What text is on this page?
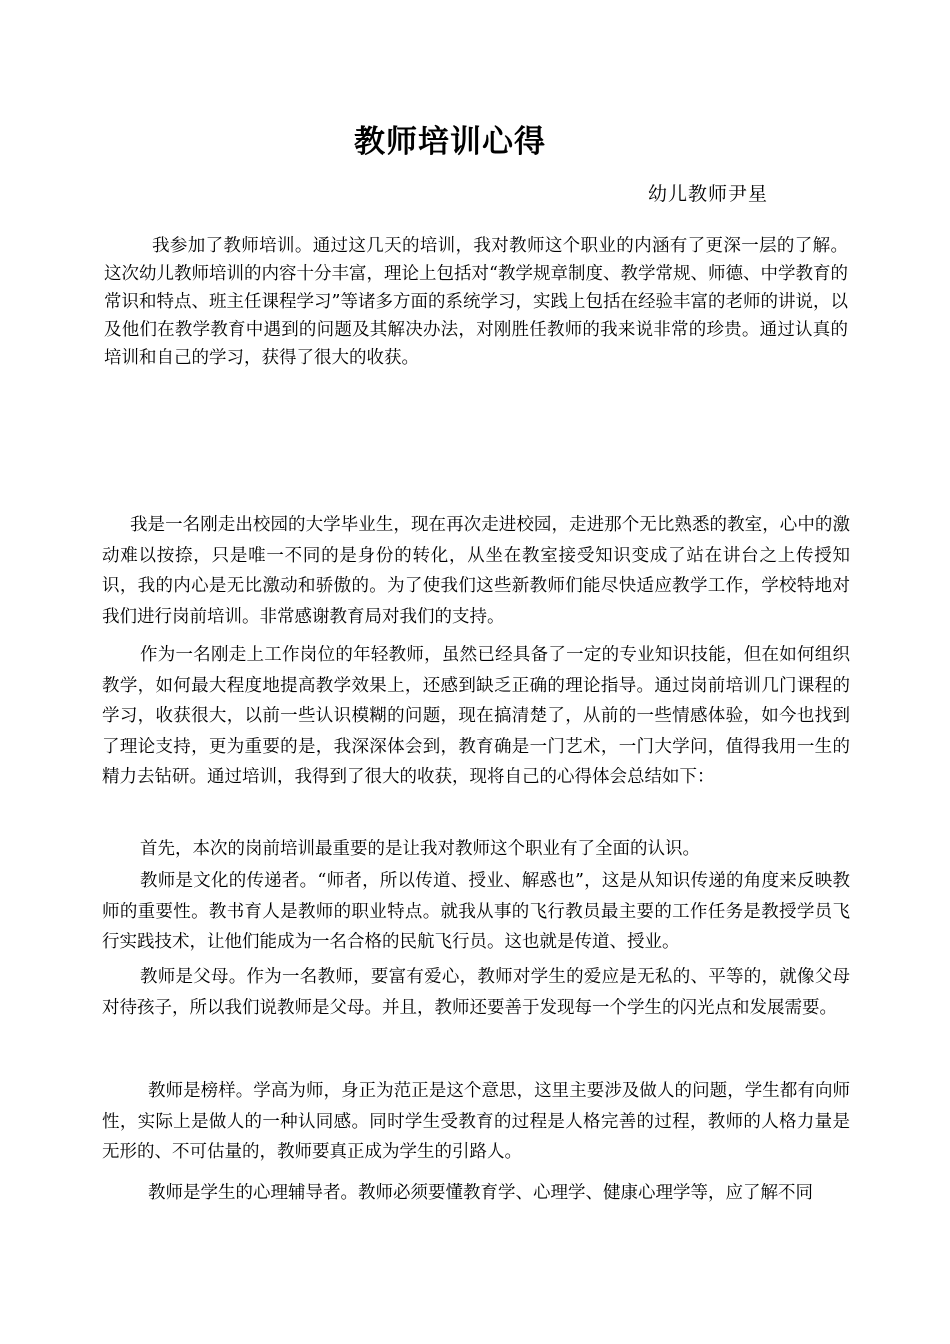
教师培训心得

幼儿教师尹星

我参加了教师培训。通过这几天的培训，我对教师这个职业的内涵有了更深一层的了解。这次幼儿教师培训的内容十分丰富，理论上包括对“教学规章制度、教学常规、师德、中学教育的常识和特点、班主任课程学习”等诸多方面的系统学习，实践上包括在经验丰富的老师的讲说，以及他们在教学教育中遇到的问题及其解决办法，对刚胜任教师的我来说非常的珍贵。通过认真的培训和自己的学习，获得了很大的收获。

我是一名刚走出校园的大学毕业生，现在再次走进校园，走进那个无比熟悉的教室，心中的激动难以按捺，只是唯一不同的是身份的转化，从坐在教室接受知识变成了站在讲台之上传授知识，我的内心是无比激动和骄傲的。为了使我们这些新教师们能尽快适应教学工作，学校特地对我们进行岗前培训。非常感谢教育局对我们的支持。

作为一名刚走上工作岗位的年轻教师，虽然已经具备了一定的专业知识技能，但在如何组织教学，如何最大程度地提高教学效果上，还感到缺乏正确的理论指导。通过岗前培训几门课程的学习，收获很大，以前一些认识模糊的问题，现在搞清楚了，从前的一些情感体验，如今也找到了理论支持，更为重要的是，我深深体会到，教育确是一门艺术，一门大学问，值得我用一生的精力去钻研。通过培训，我得到了很大的收获，现将自己的心得体会总结如下：

首先，本次的岗前培训最重要的是让我对教师这个职业有了全面的认识。

教师是文化的传递者。“师者，所以传道、授业、解惑也”，这是从知识传递的角度来反映教师的重要性。教书育人是教师的职业特点。就我从事的飞行教员最主要的工作任务是教授学员飞行实践技术，让他们能成为一名合格的民航飞行员。这也就是传道、授业。

教师是父母。作为一名教师，要富有爱心，教师对学生的爱应是无私的、平等的，就像父母对待孩子，所以我们说教师是父母。并且，教师还要善于发现每一个学生的闪光点和发展需要。

教师是榜样。学高为师，身正为范正是这个意思，这里主要涉及做人的问题，学生都有向师性，实际上是做人的一种认同感。同时学生受教育的过程是人格完善的过程，教师的人格力量是无形的、不可估量的，教师要真正成为学生的引路人。

教师是学生的心理辅导者。教师必须要懂教育学、心理学、健康心理学等，应了解不同
